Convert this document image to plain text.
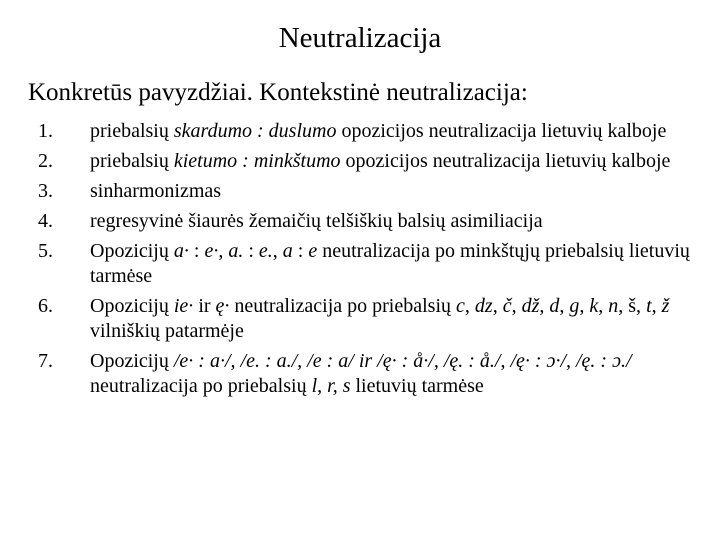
Neutralizacija
Konkretūs pavyzdžiai. Kontekstinė neutralizacija:
1.	priebalsių skardumo : duslumo opozicijos neutralizacija lietuvių kalboje
2.	priebalsių kietumo : minkštumo opozicijos neutralizacija lietuvių kalboje
3.	sinharmonizmas
4.	regresyvinė šiaurės žemaičių telšiškių balsių asimiliacija
5.	Opozicijų a· : e·, a. : e., a : e neutralizacija po minkštųjų priebalsių lietuvių tarmėse
6.	Opozicijų ie· ir ę· neutralizacija po priebalsių c, dz, č, dž, d, g, k, n, š, t, ž vilniškių patarmėje
7.	Opozicijų /e· : a·/, /e. : a./, /e : a/ ir /ę· : å·/, /ę. : å./, /ę· : ɔ·/, /ę. : ɔ./ neutralizacija po priebalsių l, r, s lietuvių tarmėse
